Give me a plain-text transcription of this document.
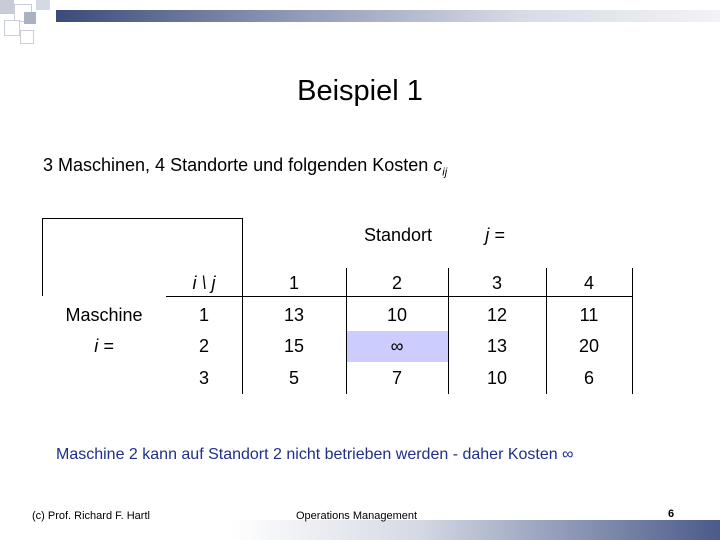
Beispiel 1
3 Maschinen, 4 Standorte und folgenden Kosten $c_{ij}$
Standort	j =
i \ j	1	2	3	4
Maschine
i =
1	13	10	12	11
2	15	∞	13	20
3	5	7	10	6
Maschine 2 kann auf Standort 2 nicht betrieben werden - daher Kosten ∞
(c) Prof. Richard F. Hartl	Operations Management	6
